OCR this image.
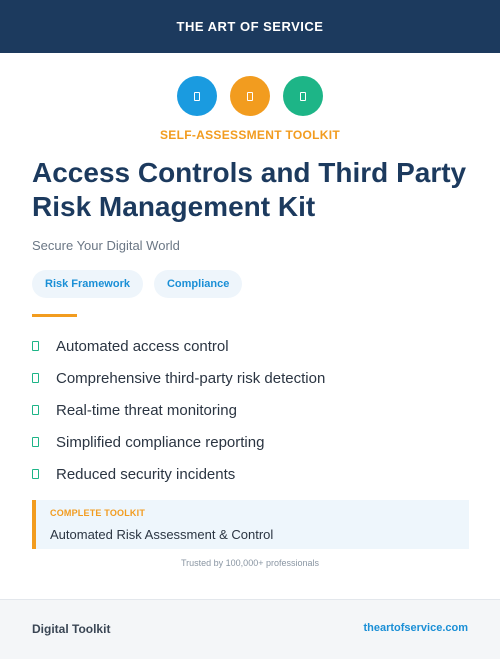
THE ART OF SERVICE
SELF-ASSESSMENT TOOLKIT
Access Controls and Third Party Risk Management Kit
Secure Your Digital World
Risk Framework	Compliance
Automated access control
Comprehensive third-party risk detection
Real-time threat monitoring
Simplified compliance reporting
Reduced security incidents
COMPLETE TOOLKIT
Automated Risk Assessment & Control
Trusted by 100,000+ professionals
Digital Toolkit	theartofservice.com
